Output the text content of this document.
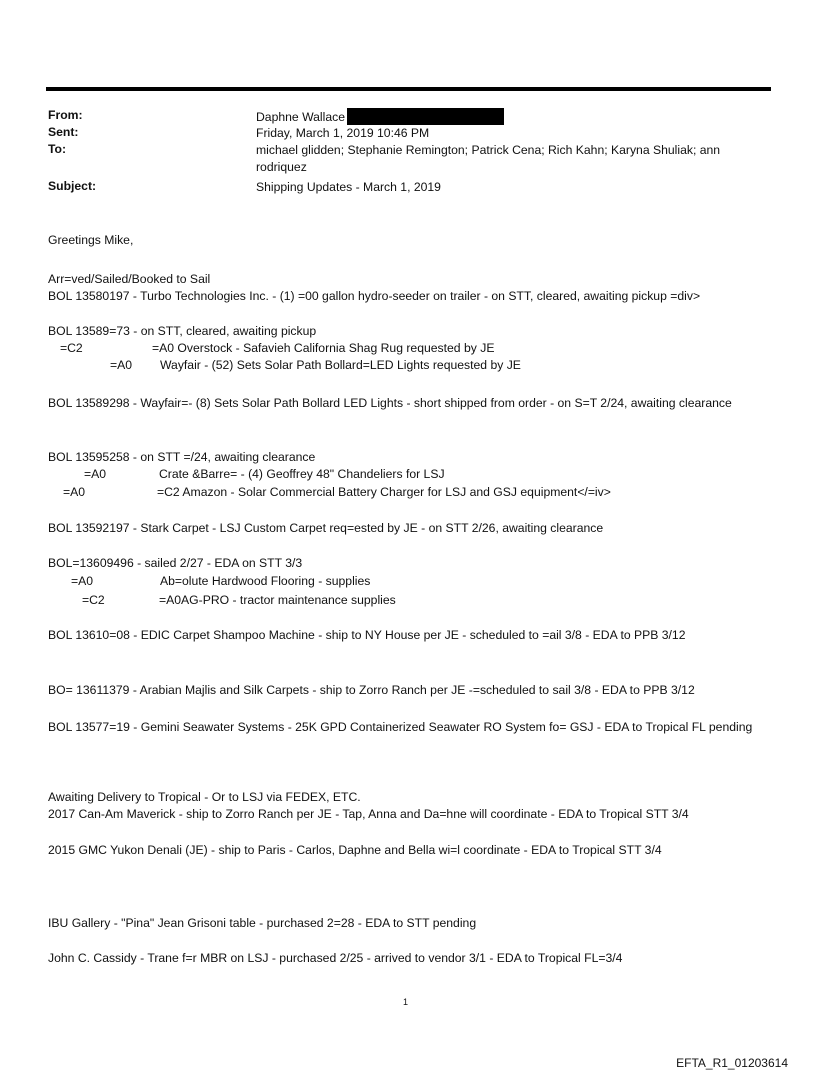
From:	Daphne Wallace
Sent:	Friday, March 1, 2019 10:46 PM
To:	michael glidden; Stephanie Remington; Patrick Cena; Rich Kahn; Karyna Shuliak; ann rodriquez
Subject:	Shipping Updates - March 1, 2019
Greetings Mike,
Arr=ved/Sailed/Booked to Sail
BOL 13580197 - Turbo Technologies Inc. - (1) =00 gallon hydro-seeder on trailer - on STT, cleared, awaiting pickup =div>
BOL 13589=73 - on STT, cleared, awaiting pickup
=C2	=A0 Overstock - Safavieh California Shag Rug requested by JE
=A0 Wayfair - (52) Sets Solar Path Bollard=LED Lights requested by JE
BOL 13589298 - Wayfair=- (8) Sets Solar Path Bollard LED Lights - short shipped from order - on S=T 2/24, awaiting clearance
BOL 13595258 - on STT =/24, awaiting clearance
=A0	Crate &Barre= - (4) Geoffrey 48" Chandeliers for LSJ
=A0	=C2 Amazon - Solar Commercial Battery Charger for LSJ and GSJ equipment</=iv>
BOL 13592197 - Stark Carpet - LSJ Custom Carpet req=ested by JE - on STT 2/26, awaiting clearance
BOL=13609496 - sailed 2/27 - EDA on STT 3/3
=A0	Ab=olute Hardwood Flooring - supplies
=C2	=A0AG-PRO - tractor maintenance supplies
BOL 13610=08 - EDIC Carpet Shampoo Machine - ship to NY House per JE - scheduled to =ail 3/8 - EDA to PPB 3/12
BO= 13611379 - Arabian Majlis and Silk Carpets - ship to Zorro Ranch per JE -=scheduled to sail 3/8 - EDA to PPB 3/12
BOL 13577=19 - Gemini Seawater Systems - 25K GPD Containerized Seawater RO System fo= GSJ - EDA to Tropical FL pending
Awaiting Delivery to Tropical - Or to LSJ via FEDEX, ETC.
2017 Can-Am Maverick - ship to Zorro Ranch per JE - Tap, Anna and Da=hne will coordinate - EDA to Tropical STT 3/4
2015 GMC Yukon Denali (JE) - ship to Paris - Carlos, Daphne and Bella wi=l coordinate - EDA to Tropical STT 3/4
IBU Gallery - "Pina" Jean Grisoni table - purchased 2=28 - EDA to STT pending
John C. Cassidy - Trane f=r MBR on LSJ - purchased 2/25 - arrived to vendor 3/1 - EDA to Tropical FL=3/4
1
EFTA_R1_01203614
